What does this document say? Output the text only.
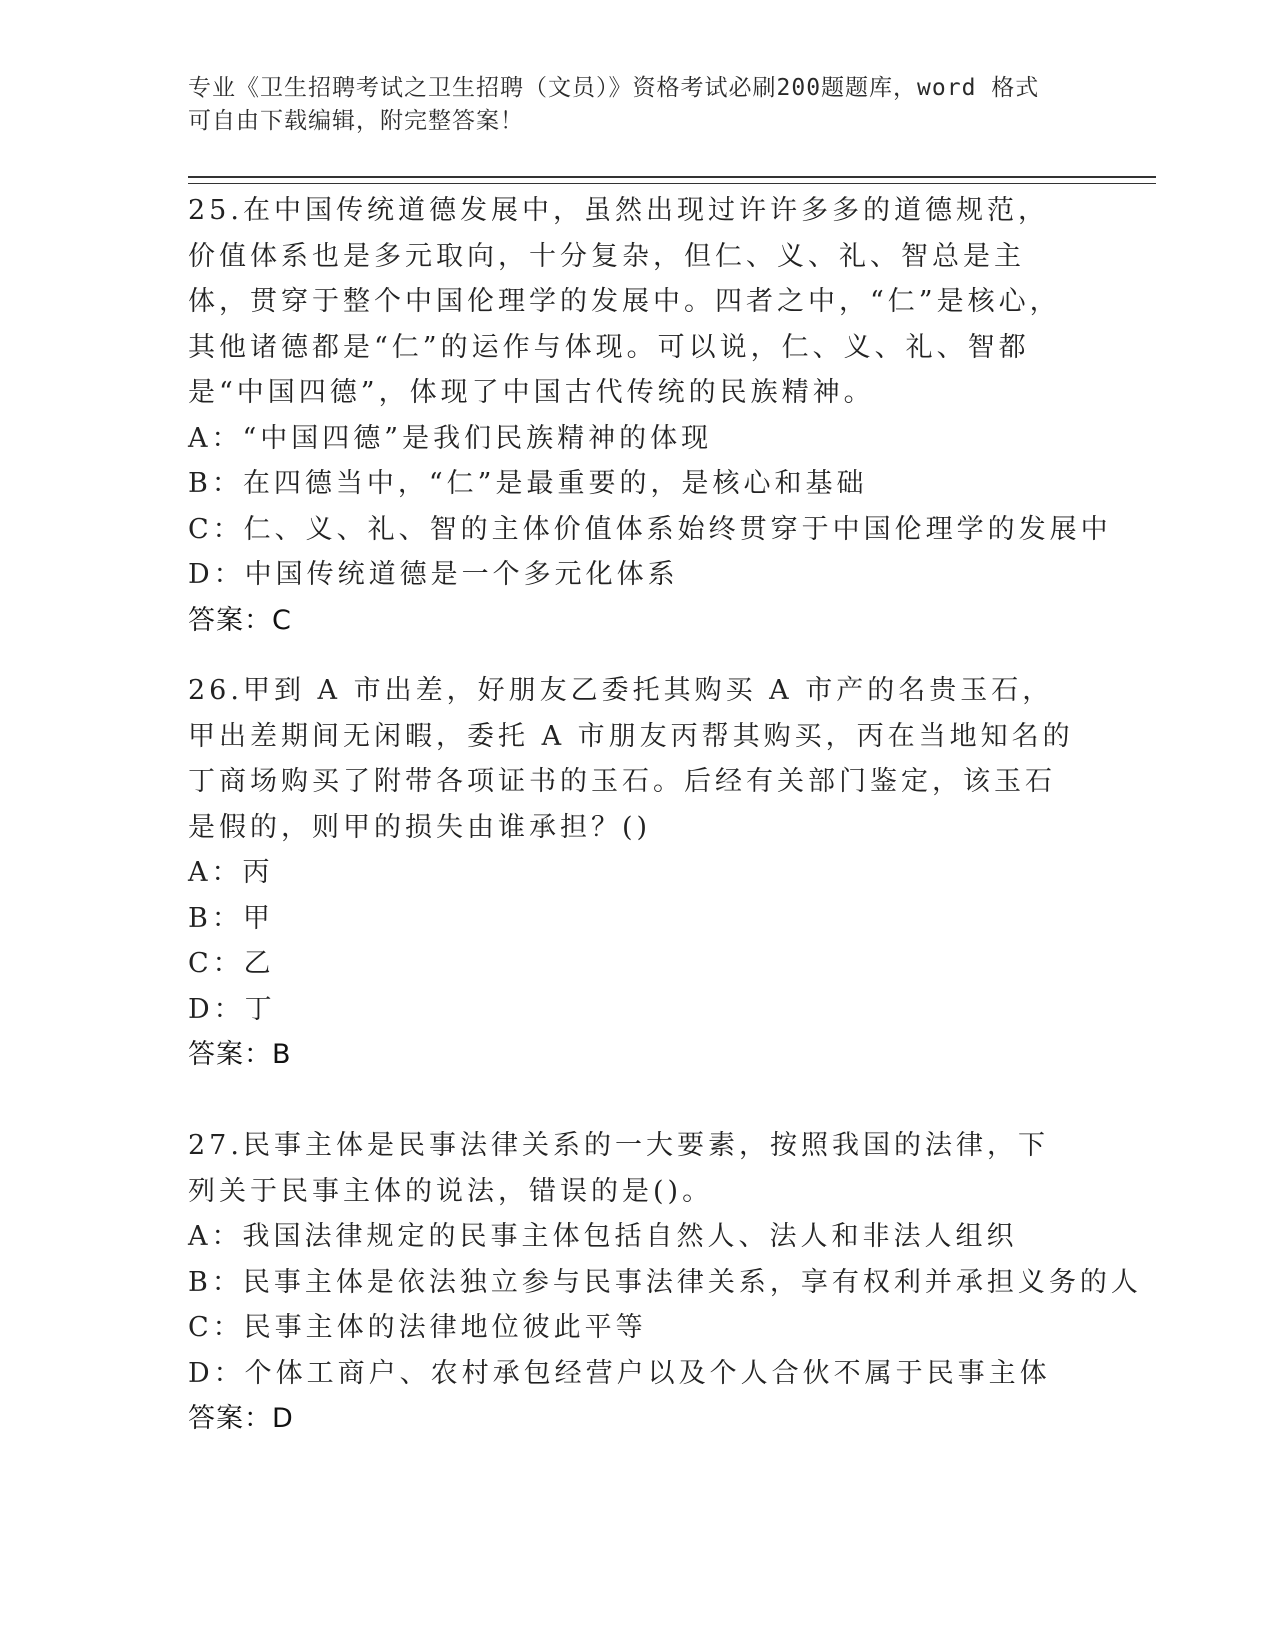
专业《卫生招聘考试之卫生招聘（文员）》资格考试必刷200题题库，word 格式
可自由下载编辑，附完整答案！
25.在中国传统道德发展中，虽然出现过许许多多的道德规范，价值体系也是多元取向，十分复杂，但仁、义、礼、智总是主体，贯穿于整个中国伦理学的发展中。四者之中，“仁”是核心，其他诸德都是“仁”的运作与体现。可以说，仁、义、礼、智都是“中国四德”，体现了中国古代传统的民族精神。
A：“中国四德”是我们民族精神的体现
B：在四德当中，“仁”是最重要的，是核心和基础
C：仁、义、礼、智的主体价值体系始终贯穿于中国伦理学的发展中
D：中国传统道德是一个多元化体系
答案：C
26.甲到 A 市出差，好朋友乙委托其购买 A 市产的名贵玉石，甲出差期间无闲暇，委托 A 市朋友丙帮其购买，丙在当地知名的丁商场购买了附带各项证书的玉石。后经有关部门鉴定，该玉石是假的，则甲的损失由谁承担？()
A：丙
B：甲
C：乙
D：丁
答案：B
27.民事主体是民事法律关系的一大要素，按照我国的法律，下列关于民事主体的说法，错误的是()。
A：我国法律规定的民事主体包括自然人、法人和非法人组织
B：民事主体是依法独立参与民事法律关系，享有权利并承担义务的人
C：民事主体的法律地位彼此平等
D：个体工商户、农村承包经营户以及个人合伙不属于民事主体
答案：D
